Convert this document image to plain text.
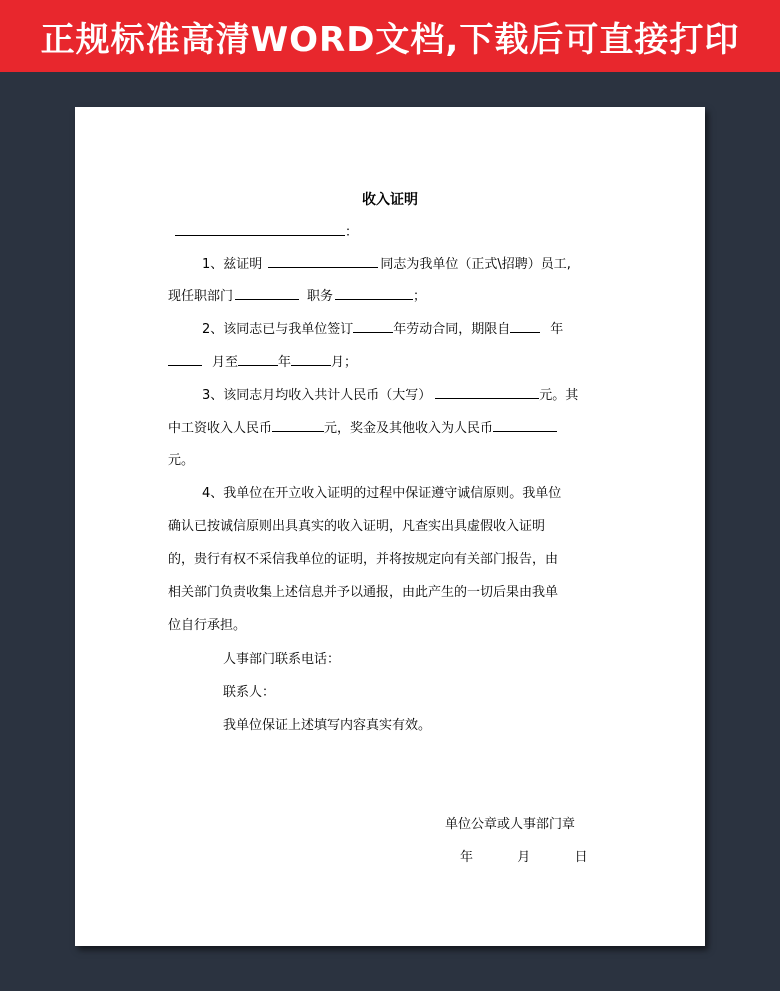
正规标准高清WORD文档,下载后可直接打印
收入证明
：
1、兹证明	同志为我单位（正式\招聘）员工,
现任职部门	职务	；
2、该同志已与我单位签订	年劳动合同，期限自	年
月至	年	月；
3、该同志月均收入共计人民币（大写）	元。其
中工资收入人民币	元，奖金及其他收入为人民币
元。
4、我单位在开立收入证明的过程中保证遵守诚信原则。我单位
确认已按诚信原则出具真实的收入证明，凡查实出具虚假收入证明
的，贵行有权不采信我单位的证明，并将按规定向有关部门报告，由
相关部门负责收集上述信息并予以通报，由此产生的一切后果由我单
位自行承担。
人事部门联系电话：
联系人：
我单位保证上述填写内容真实有效。
单位公章或人事部门章
年	月	日
